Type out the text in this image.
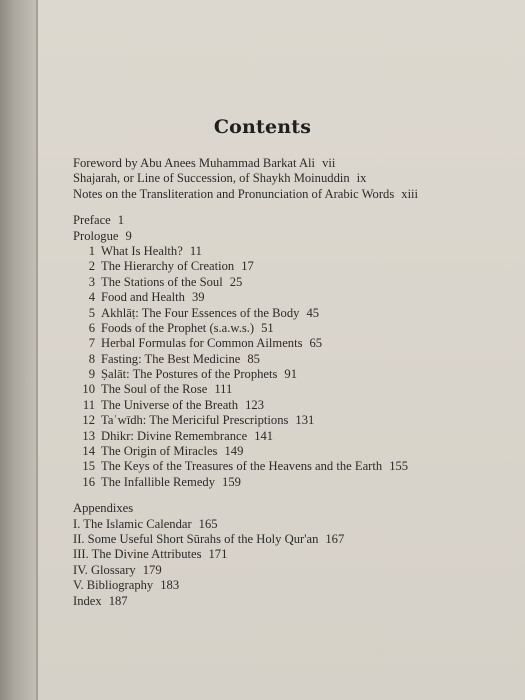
Contents
Foreword by Abu Anees Muhammad Barkat Ali vii
Shajarah, or Line of Succession, of Shaykh Moinuddin ix
Notes on the Transliteration and Pronunciation of Arabic Words xiii
Preface 1
Prologue 9
1 What Is Health? 11
2 The Hierarchy of Creation 17
3 The Stations of the Soul 25
4 Food and Health 39
5 Akhlāṭ: The Four Essences of the Body 45
6 Foods of the Prophet (s.a.w.s.) 51
7 Herbal Formulas for Common Ailments 65
8 Fasting: The Best Medicine 85
9 Ṣalāt: The Postures of the Prophets 91
10 The Soul of the Rose 111
11 The Universe of the Breath 123
12 Taʿwīdh: The Mericiful Prescriptions 131
13 Dhikr: Divine Remembrance 141
14 The Origin of Miracles 149
15 The Keys of the Treasures of the Heavens and the Earth 155
16 The Infallible Remedy 159
Appendixes
I. The Islamic Calendar 165
II. Some Useful Short Sūrahs of the Holy Qur'an 167
III. The Divine Attributes 171
IV. Glossary 179
V. Bibliography 183
Index 187
